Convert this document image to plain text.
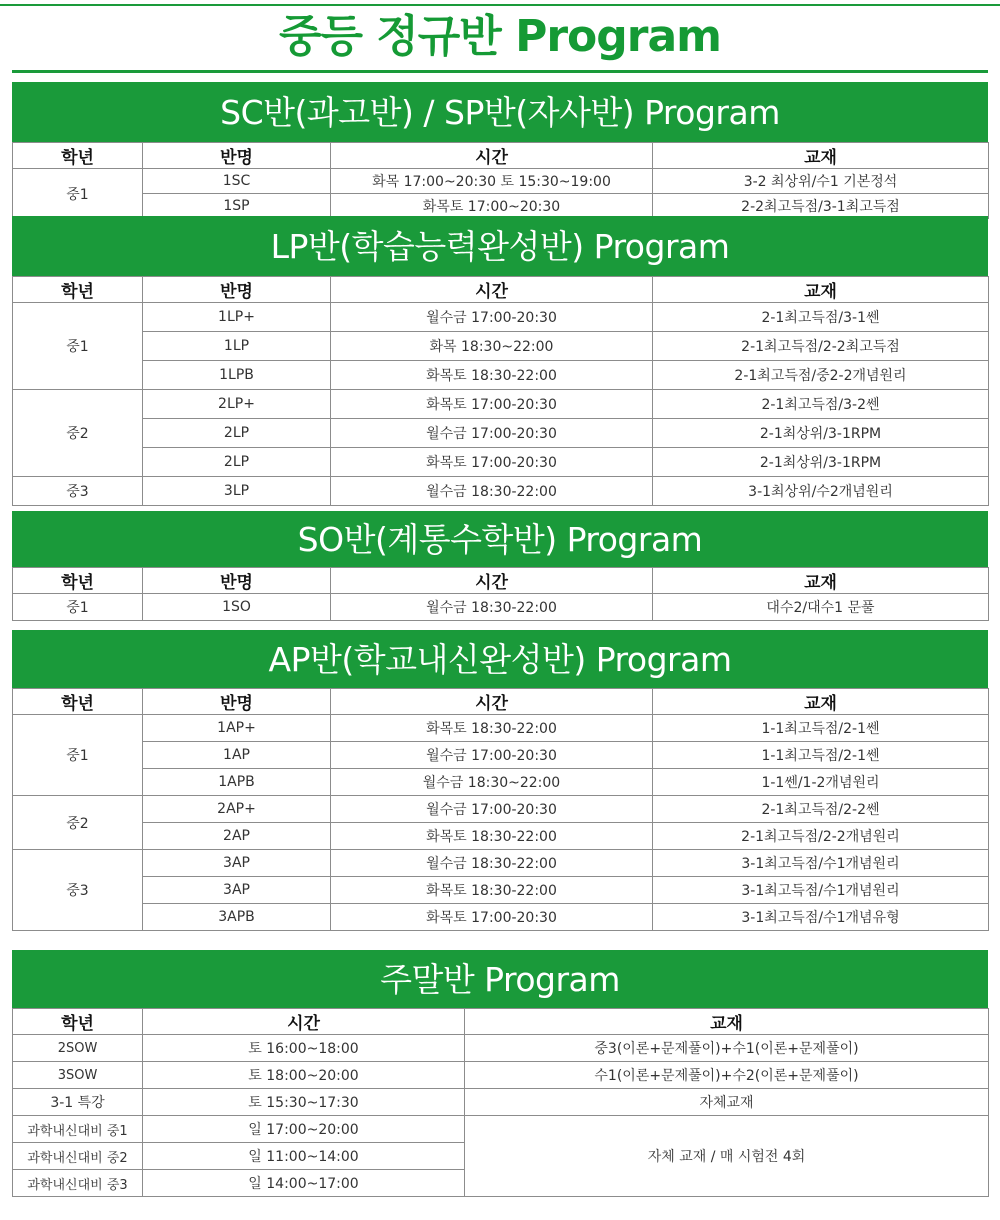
중등 정규반 Program
SC반(과고반) / SP반(자사반) Program
학년	반명	시간	교재
중1	1SC	화목 17:00~20:30 토 15:30~19:00	3-2 최상위/수1 기본정석
	1SP	화목토 17:00~20:30	2-2최고득점/3-1최고득점
LP반(학습능력완성반) Program
학년	반명	시간	교재
중1	1LP+	월수금 17:00-20:30	2-1최고득점/3-1쎈
	1LP	화목 18:30~22:00	2-1최고득점/2-2최고득점
	1LPB	화목토 18:30-22:00	2-1최고득점/중2-2개념원리
중2	2LP+	화목토 17:00-20:30	2-1최고득점/3-2쎈
	2LP	월수금 17:00-20:30	2-1최상위/3-1RPM
	2LP	화목토 17:00-20:30	2-1최상위/3-1RPM
중3	3LP	월수금 18:30-22:00	3-1최상위/수2개념원리
SO반(계통수학반) Program
학년	반명	시간	교재
중1	1SO	월수금 18:30-22:00	대수2/대수1 문풀
AP반(학교내신완성반) Program
학년	반명	시간	교재
중1	1AP+	화목토 18:30-22:00	1-1최고득점/2-1쎈
	1AP	월수금 17:00-20:30	1-1최고득점/2-1쎈
	1APB	월수금 18:30~22:00	1-1쎈/1-2개념원리
중2	2AP+	월수금 17:00-20:30	2-1최고득점/2-2쎈
	2AP	화목토 18:30-22:00	2-1최고득점/2-2개념원리
중3	3AP	월수금 18:30-22:00	3-1최고득점/수1개념원리
	3AP	화목토 18:30-22:00	3-1최고득점/수1개념원리
	3APB	화목토 17:00-20:30	3-1최고득점/수1개념유형
주말반 Program
학년	시간	교재
2SOW	토 16:00~18:00	중3(이론+문제풀이)+수1(이론+문제풀이)
3SOW	토 18:00~20:00	수1(이론+문제풀이)+수2(이론+문제풀이)
3-1 특강	토 15:30~17:30	자체교재
과학내신대비 중1	일 17:00~20:00	자체 교재 / 매 시험전 4회
과학내신대비 중2	일 11:00~14:00	
과학내신대비 중3	일 14:00~17:00	
